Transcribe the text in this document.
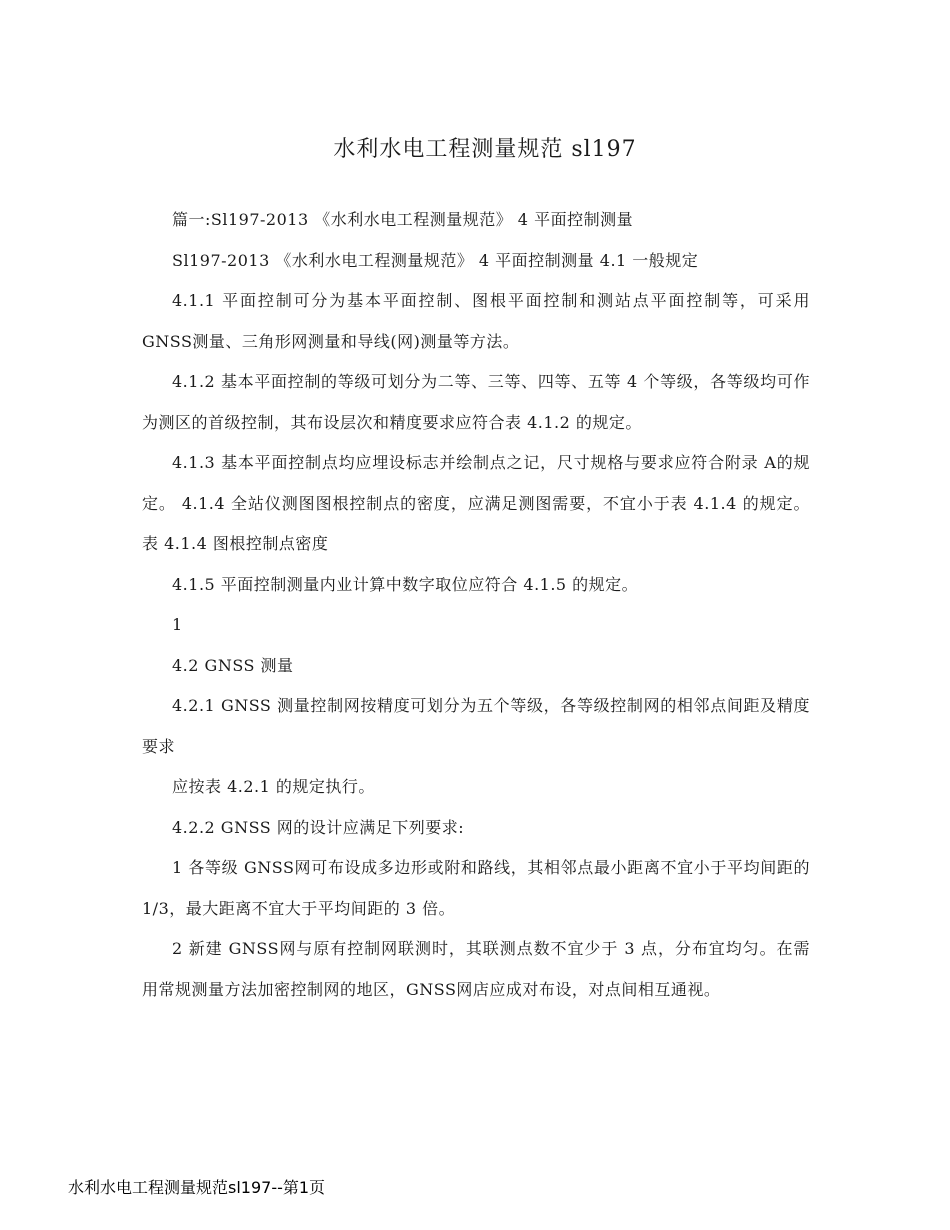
水利水电工程测量规范 sl197

篇一:Sl197-2013 《水利水电工程测量规范》 4 平面控制测量

Sl197-2013 《水利水电工程测量规范》 4 平面控制测量 4.1 一般规定

4.1.1 平面控制可分为基本平面控制、图根平面控制和测站点平面控制等，可采用 GNSS测量、三角形网测量和导线(网)测量等方法。

4.1.2 基本平面控制的等级可划分为二等、三等、四等、五等 4 个等级，各等级均可作为测区的首级控制，其布设层次和精度要求应符合表 4.1.2 的规定。

4.1.3 基本平面控制点均应埋设标志并绘制点之记，尺寸规格与要求应符合附录 A的规定。 4.1.4 全站仪测图图根控制点的密度，应满足测图需要，不宜小于表 4.1.4 的规定。 表 4.1.4 图根控制点密度

4.1.5 平面控制测量内业计算中数字取位应符合 4.1.5 的规定。

1

4.2 GNSS 测量

4.2.1 GNSS 测量控制网按精度可划分为五个等级，各等级控制网的相邻点间距及精度要求

应按表 4.2.1 的规定执行。

4.2.2 GNSS 网的设计应满足下列要求:

1 各等级 GNSS网可布设成多边形或附和路线，其相邻点最小距离不宜小于平均间距的 1/3，最大距离不宜大于平均间距的 3 倍。

2 新建 GNSS网与原有控制网联测时，其联测点数不宜少于 3 点，分布宜均匀。在需用常规测量方法加密控制网的地区，GNSS网店应成对布设，对点间相互通视。

水利水电工程测量规范sl197--第1页
